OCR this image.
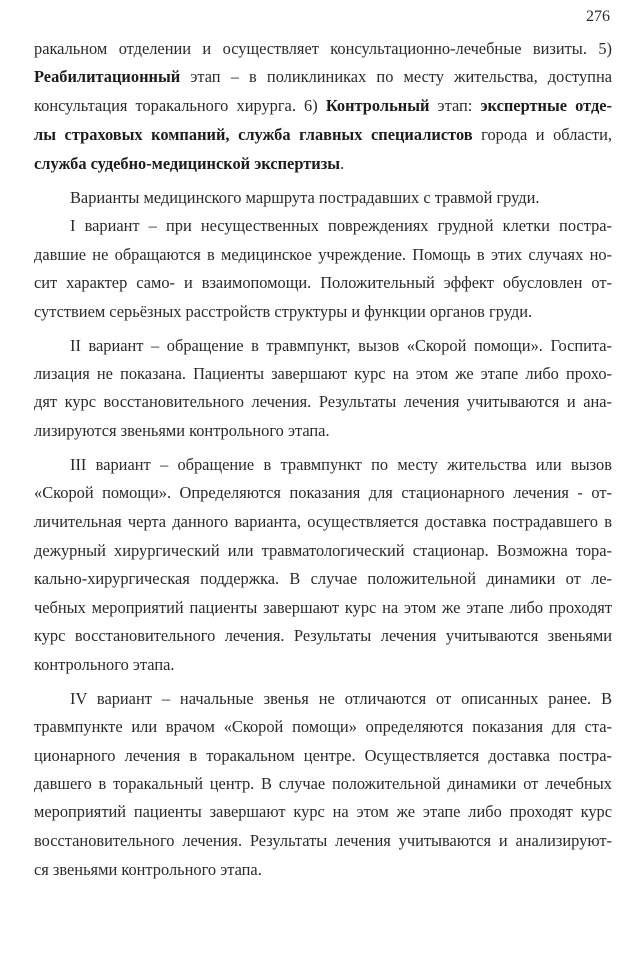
276
ракальном отделении и осуществляет консультационно-лечебные визиты. 5)
Реабилитационный этап – в поликлиниках по месту жительства, доступна
консультация торакального хирурга. 6) Контрольный этап: экспертные отде-
лы страховых компаний, служба главных специалистов города и области,
служба судебно-медицинской экспертизы.
Варианты медицинского маршрута пострадавших с травмой груди.
I вариант – при несущественных повреждениях грудной клетки постра-
давшие не обращаются в медицинское учреждение. Помощь в этих случаях но-
сит характер само- и взаимопомощи. Положительный эффект обусловлен от-
сутствием серьёзных расстройств структуры и функции органов груди.
II вариант – обращение в травмпункт, вызов «Скорой помощи». Госпита-
лизация не показана. Пациенты завершают курс на этом же этапе либо прохо-
дят курс восстановительного лечения. Результаты лечения учитываются и ана-
лизируются звеньями контрольного этапа.
III вариант – обращение в травмпункт по месту жительства или вызов
«Скорой помощи». Определяются показания для стационарного лечения - от-
личительная черта данного варианта, осуществляется доставка пострадавшего в
дежурный хирургический или травматологический стационар. Возможна тора-
кально-хирургическая поддержка. В случае положительной динамики от ле-
чебных мероприятий пациенты завершают курс на этом же этапе либо проходят
курс восстановительного лечения. Результаты лечения учитываются звеньями
контрольного этапа.
IV вариант – начальные звенья не отличаются от описанных ранее. В
травмпункте или врачом «Скорой помощи» определяются показания для ста-
ционарного лечения в торакальном центре. Осуществляется доставка постра-
давшего в торакальный центр. В случае положительной динамики от лечебных
мероприятий пациенты завершают курс на этом же этапе либо проходят курс
восстановительного лечения. Результаты лечения учитываются и анализируют-
ся звеньями контрольного этапа.
